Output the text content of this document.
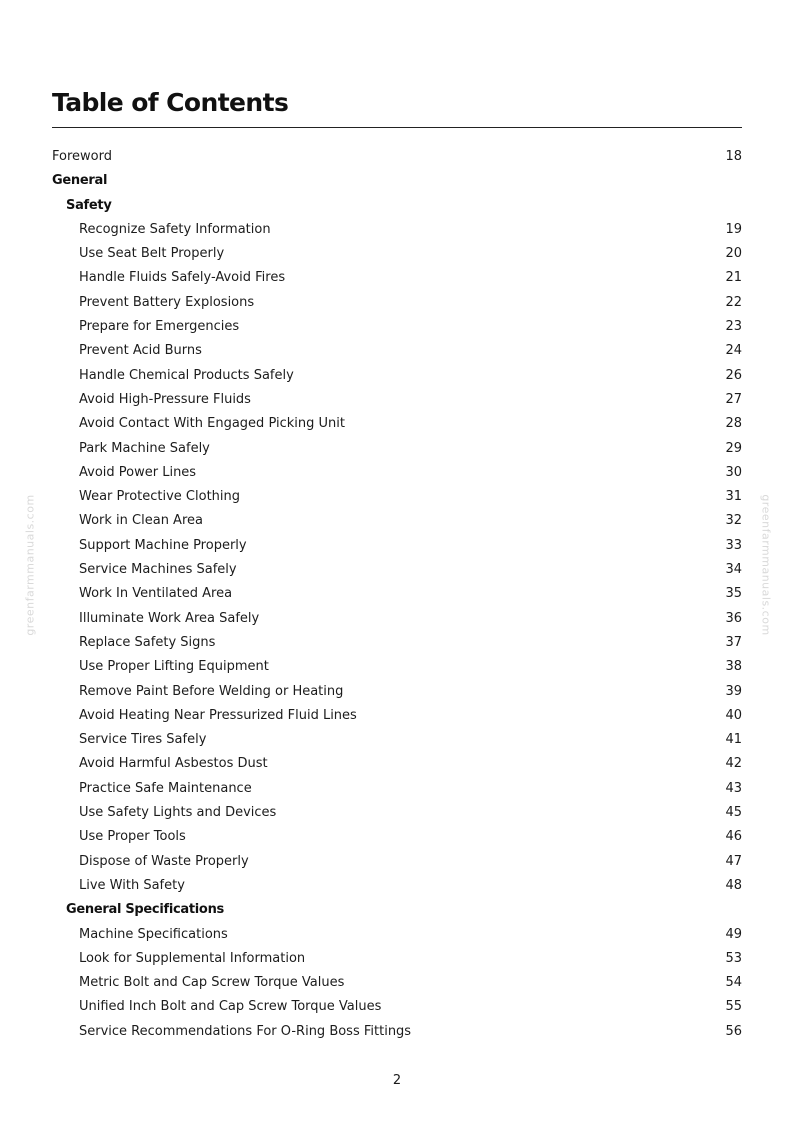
Table of Contents
Foreword	18
General
Safety
Recognize Safety Information	19
Use Seat Belt Properly	20
Handle Fluids Safely-Avoid Fires	21
Prevent Battery Explosions	22
Prepare for Emergencies	23
Prevent Acid Burns	24
Handle Chemical Products Safely	26
Avoid High-Pressure Fluids	27
Avoid Contact With Engaged Picking Unit	28
Park Machine Safely	29
Avoid Power Lines	30
Wear Protective Clothing	31
Work in Clean Area	32
Support Machine Properly	33
Service Machines Safely	34
Work In Ventilated Area	35
Illuminate Work Area Safely	36
Replace Safety Signs	37
Use Proper Lifting Equipment	38
Remove Paint Before Welding or Heating	39
Avoid Heating Near Pressurized Fluid Lines	40
Service Tires Safely	41
Avoid Harmful Asbestos Dust	42
Practice Safe Maintenance	43
Use Safety Lights and Devices	45
Use Proper Tools	46
Dispose of Waste Properly	47
Live With Safety	48
General Specifications
Machine Specifications	49
Look for Supplemental Information	53
Metric Bolt and Cap Screw Torque Values	54
Unified Inch Bolt and Cap Screw Torque Values	55
Service Recommendations For O-Ring Boss Fittings	56
greenfarmmanuals.com	greenfarmmanuals.com
2
